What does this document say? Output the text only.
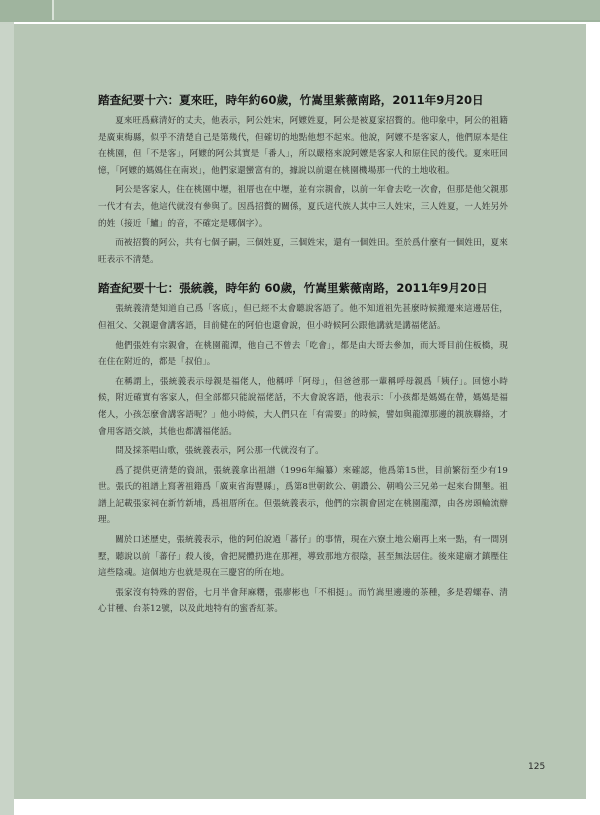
踏查紀要十六：夏來旺，時年約60歲，竹嵩里紫薇南路，2011年9月20日

夏來旺爲蘇清好的丈夫，他表示，阿公姓宋，阿嬤姓夏，阿公是被夏家招贅的。他印象中，阿公的祖籍是廣東梅縣，似乎不清楚自己是第幾代，但確切的地點他想不起來。他說，阿嬤不是客家人，他們原本是住在桃園，但「不是客」，阿嬤的阿公其實是「番人」，所以嚴格來說阿嬤是客家人和原住民的後代。夏來旺回憶，「阿嬤的媽媽住在南崁」，他們家還蠻富有的，據說以前還在桃園機場那一代的土地收租。

阿公是客家人，住在桃園中壢，祖厝也在中壢，並有宗親會，以前一年會去吃一次會，但那是他父親那一代才有去，他這代就沒有參與了。因爲招贅的關係，夏氏這代族人其中三人姓宋，三人姓夏，一人姓另外的姓（接近「鱸」的音，不確定是哪個字）。

而被招贅的阿公，共有七個子嗣，三個姓夏，三個姓宋，還有一個姓田。至於爲什麼有一個姓田，夏來旺表示不清楚。

踏查紀要十七：張統義，時年約 60歲，竹嵩里紫薇南路，2011年9月20日

張統義清楚知道自己爲「客底」，但已經不太會聽說客語了。他不知道祖先甚麼時候搬遷來這邊居住，但祖父、父親還會講客語，目前健在的阿伯也還會說，但小時候阿公跟他講就是講福佬話。

他們張姓有宗親會，在桃園龍潭，他自己不曾去「吃會」，都是由大哥去參加，而大哥目前住板橋，現在住在附近的，都是「叔伯」。

在稱謂上，張統義表示母親是福佬人，他稱呼「阿母」，但爸爸那一輩稱呼母親爲「姨仔」。回憶小時候，附近確實有客家人，但全部都只能說福佬話，不大會說客語，他表示：「小孩都是媽媽在帶，媽媽是福佬人，小孩怎麼會講客語呢？」他小時候，大人們只在「有需要」的時候，譬如與龍潭那邊的親族聯絡，才會用客語交談，其他也都講福佬話。

問及採茶唱山歌，張統義表示，阿公那一代就沒有了。

爲了提供更清楚的資訊，張統義拿出祖譜（1996年編纂）來確認，他爲第15世，目前繁衍至少有19世。張氏的祖譜上寫著祖籍爲「廣東省海豐縣」，爲第8世朝欽公、朝讚公、朝鳴公三兄弟一起來台開墾。祖譜上記載張家祠在新竹新埔，爲祖厝所在。但張統義表示，他們的宗親會固定在桃園龍潭，由各房頭輪流辦理。

關於口述歷史，張統義表示，他的阿伯說過「蕃仔」的事情，現在六寮土地公廟再上來一點，有一間別墅，聽說以前「蕃仔」殺人後，會把屍體扔進在那裡，導致那地方很陰，甚至無法居住。後來建廟才鎮壓住這些陰魂。這個地方也就是現在三慶宮的所在地。

張家沒有特殊的習俗，七月半會拜麻糬，張廖彬也「不相挺」。而竹嵩里邊邊的茶種，多是碧螺春、清心甘種、台茶12號，以及此地特有的蜜香紅茶。

125
